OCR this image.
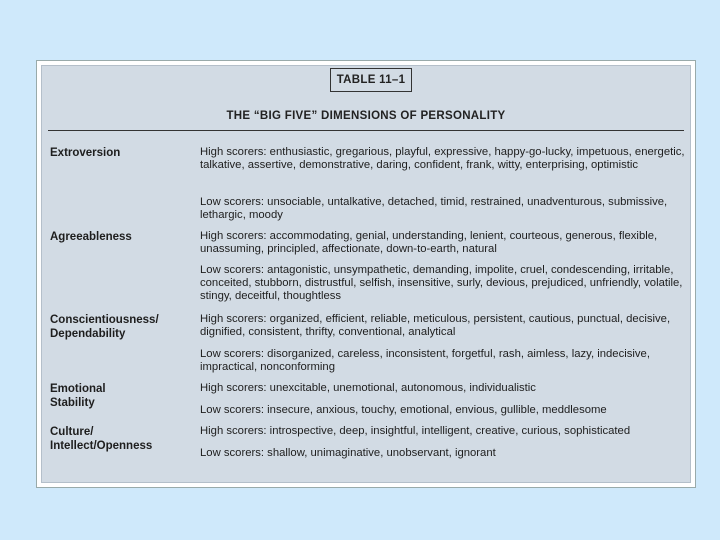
TABLE 11–1
THE “BIG FIVE” DIMENSIONS OF PERSONALITY
Extroversion	High scorers: enthusiastic, gregarious, playful, expressive, happy-go-lucky, impetuous, energetic, talkative, assertive, demonstrative, daring, confident, frank, witty, enterprising, optimistic
Low scorers: unsociable, untalkative, detached, timid, restrained, unadventurous, submissive, lethargic, moody
Agreeableness	High scorers: accommodating, genial, understanding, lenient, courteous, generous, flexible, unassuming, principled, affectionate, down-to-earth, natural
Low scorers: antagonistic, unsympathetic, demanding, impolite, cruel, condescending, irritable, conceited, stubborn, distrustful, selfish, insensitive, surly, devious, prejudiced, unfriendly, volatile, stingy, deceitful, thoughtless
Conscientiousness/ Dependability
High scorers: organized, efficient, reliable, meticulous, persistent, cautious, punctual, decisive, dignified, consistent, thrifty, conventional, analytical
Low scorers: disorganized, careless, inconsistent, forgetful, rash, aimless, lazy, indecisive, impractical, nonconforming
Emotional Stability
High scorers: unexcitable, unemotional, autonomous, individualistic
Low scorers: insecure, anxious, touchy, emotional, envious, gullible, meddlesome
Culture/ Intellect/Openness
High scorers: introspective, deep, insightful, intelligent, creative, curious, sophisticated
Low scorers: shallow, unimaginative, unobservant, ignorant
